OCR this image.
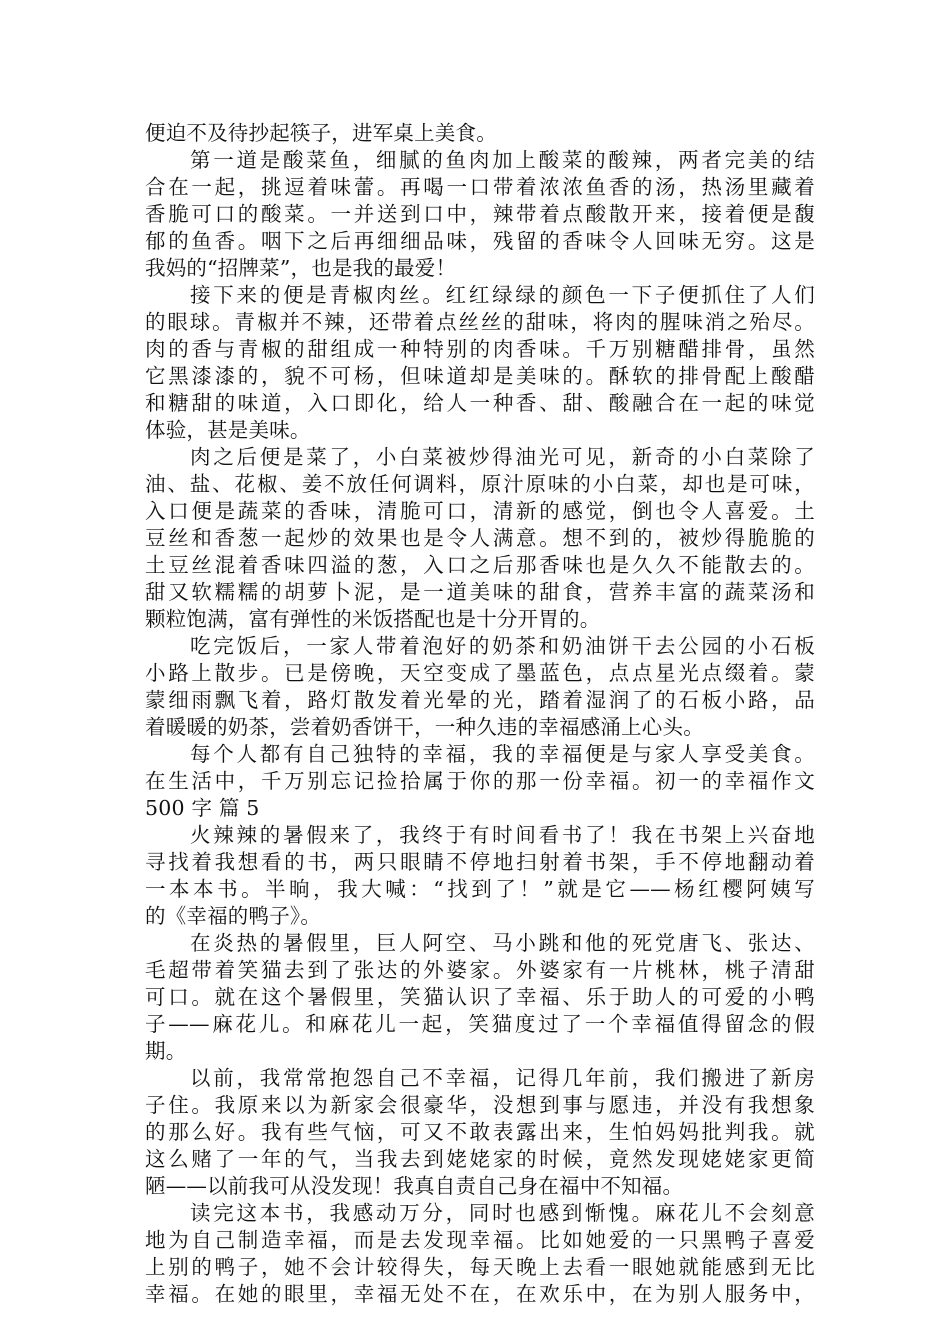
便迫不及待抄起筷子，进军桌上美食。
第一道是酸菜鱼，细腻的鱼肉加上酸菜的酸辣，两者完美的结
合在一起，挑逗着味蕾。再喝一口带着浓浓鱼香的汤，热汤里藏着
香脆可口的酸菜。一并送到口中，辣带着点酸散开来，接着便是馥
郁的鱼香。咽下之后再细细品味，残留的香味令人回味无穷。这是
我妈的“招牌菜”，也是我的最爱！
接下来的便是青椒肉丝。红红绿绿的颜色一下子便抓住了人们
的眼球。青椒并不辣，还带着点丝丝的甜味，将肉的腥味消之殆尽。
肉的香与青椒的甜组成一种特别的肉香味。千万别糖醋排骨，虽然
它黑漆漆的，貌不可杨，但味道却是美味的。酥软的排骨配上酸醋
和糖甜的味道，入口即化，给人一种香、甜、酸融合在一起的味觉
体验，甚是美味。
肉之后便是菜了，小白菜被炒得油光可见，新奇的小白菜除了
油、盐、花椒、姜不放任何调料，原汁原味的小白菜，却也是可味，
入口便是蔬菜的香味，清脆可口，清新的感觉，倒也令人喜爱。土
豆丝和香葱一起炒的效果也是令人满意。想不到的，被炒得脆脆的
土豆丝混着香味四溢的葱，入口之后那香味也是久久不能散去的。
甜又软糯糯的胡萝卜泥，是一道美味的甜食，营养丰富的蔬菜汤和
颗粒饱满，富有弹性的米饭搭配也是十分开胃的。
吃完饭后，一家人带着泡好的奶茶和奶油饼干去公园的小石板
小路上散步。已是傍晚，天空变成了墨蓝色，点点星光点缀着。蒙
蒙细雨飘飞着，路灯散发着光晕的光，踏着湿润了的石板小路，品
着暖暖的奶茶，尝着奶香饼干，一种久违的幸福感涌上心头。
每个人都有自己独特的幸福，我的幸福便是与家人享受美食。
在生活中，千万别忘记捡拾属于你的那一份幸福。初一的幸福作文
500 字 篇 5
火辣辣的暑假来了，我终于有时间看书了！我在书架上兴奋地
寻找着我想看的书，两只眼睛不停地扫射着书架，手不停地翻动着
一本本书。半晌，我大喊：“找到了！”就是它——杨红樱阿姨写
的《幸福的鸭子》。
在炎热的暑假里，巨人阿空、马小跳和他的死党唐飞、张达、
毛超带着笑猫去到了张达的外婆家。外婆家有一片桃林，桃子清甜
可口。就在这个暑假里，笑猫认识了幸福、乐于助人的可爱的小鸭
子——麻花儿。和麻花儿一起，笑猫度过了一个幸福值得留念的假
期。
以前，我常常抱怨自己不幸福，记得几年前，我们搬进了新房
子住。我原来以为新家会很豪华，没想到事与愿违，并没有我想象
的那么好。我有些气恼，可又不敢表露出来，生怕妈妈批判我。就
这么赌了一年的气，当我去到姥姥家的时候，竟然发现姥姥家更简
陋——以前我可从没发现！我真自责自己身在福中不知福。
读完这本书，我感动万分，同时也感到惭愧。麻花儿不会刻意
地为自己制造幸福，而是去发现幸福。比如她爱的一只黑鸭子喜爱
上别的鸭子，她不会计较得失，每天晚上去看一眼她就能感到无比
幸福。在她的眼里，幸福无处不在，在欢乐中，在为别人服务中，
